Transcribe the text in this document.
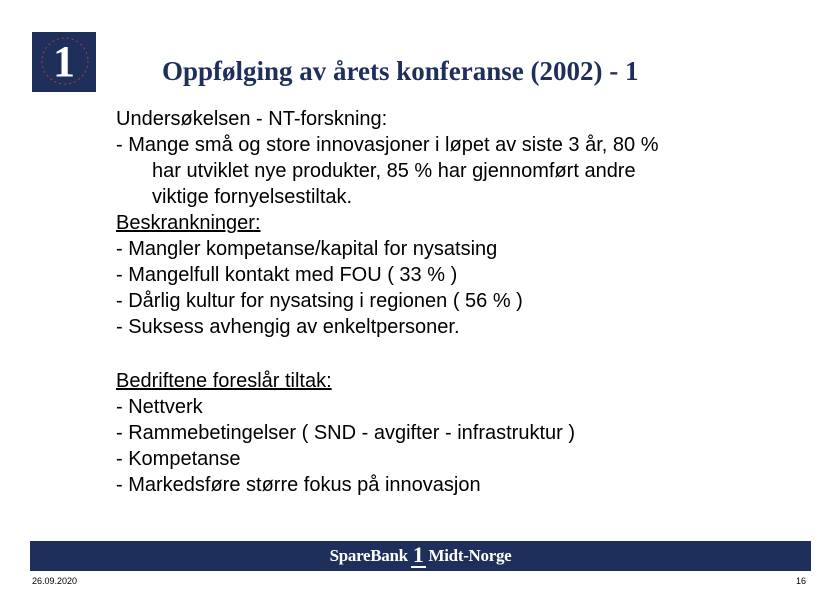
1	Oppfølging av årets konferanse (2002) - 1
Undersøkelsen - NT-forskning:
- Mange små og store innovasjoner i løpet av siste 3 år, 80 %
har utviklet nye produkter, 85 % har gjennomført andre
viktige fornyelsestiltak.
Beskrankninger:
- Mangler kompetanse/kapital for nysatsing
- Mangelfull kontakt med FOU ( 33 % )
- Dårlig kultur for nysatsing i regionen ( 56 % )
- Suksess avhengig av enkeltpersoner.
Bedriftene foreslår tiltak:
- Nettverk
- Rammebetingelser ( SND - avgifter - infrastruktur )
- Kompetanse
- Markedsføre større fokus på innovasjon
SpareBank 1 Midt-Norge
26.09.2020	16
